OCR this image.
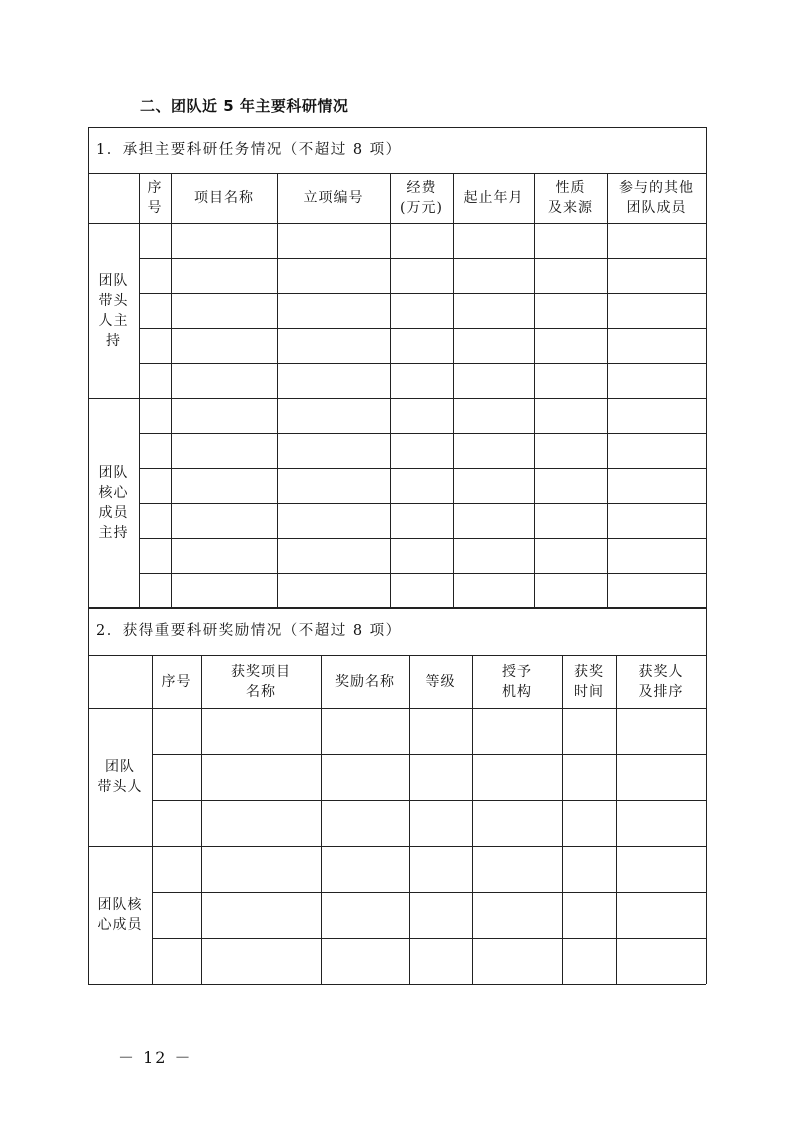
二、团队近 5 年主要科研情况
1．承担主要科研任务情况（不超过 8 项）
序
号
项目名称	立项编号
经费
(万元)
起止年月
性质
及来源
参与的其他
团队成员
团队
带头
人主
持
团队
核心
成员
主持
2．获得重要科研奖励情况（不超过 8 项）
序号
获奖项目
名称
奖励名称	等级
授予
机构
获奖
时间
获奖人
及排序
团队
带头人
团队核
心成员
－ 12 －
